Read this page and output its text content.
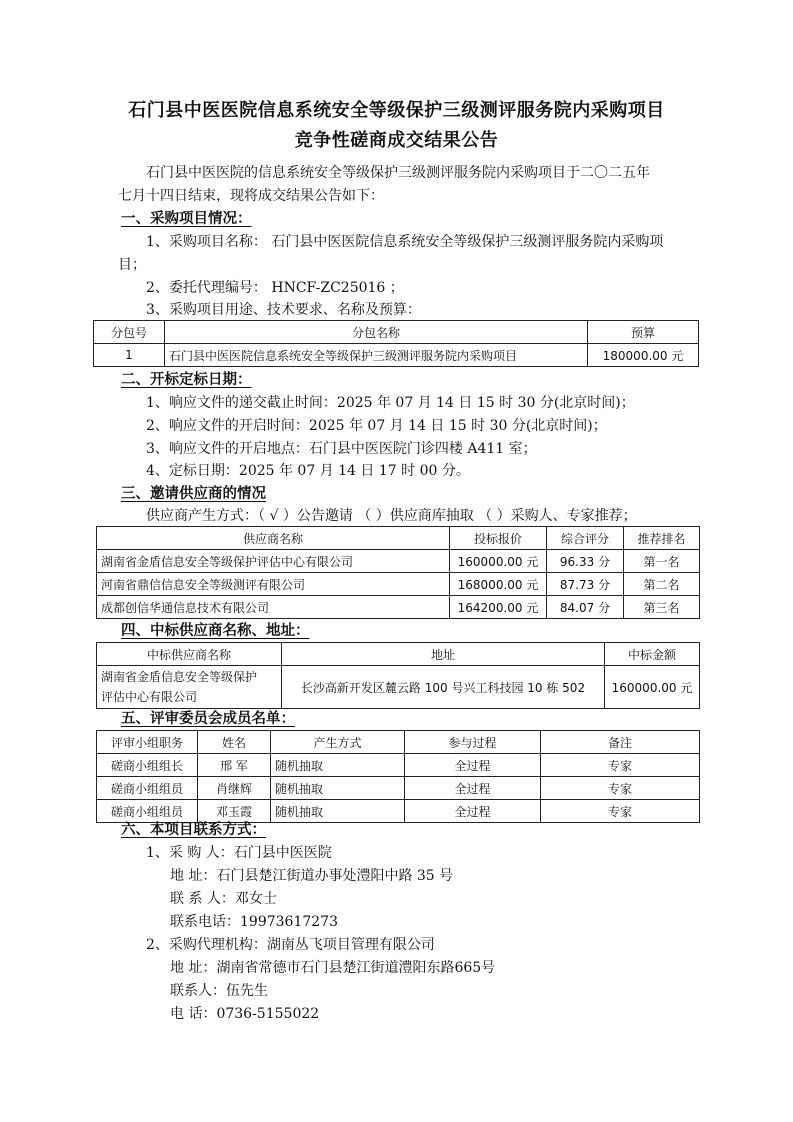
石门县中医医院信息系统安全等级保护三级测评服务院内采购项目
竞争性磋商成交结果公告
石门县中医医院的信息系统安全等级保护三级测评服务院内采购项目于二〇二五年
七月十四日结束，现将成交结果公告如下：
一、采购项目情况：
1、采购项目名称： 石门县中医医院信息系统安全等级保护三级测评服务院内采购项
目；
2、委托代理编号： HNCF-ZC25016 ；
3、采购项目用途、技术要求、名称及预算：
分包号	分包名称	预算
1	石门县中医医院信息系统安全等级保护三级测评服务院内采购项目	180000.00 元
二、开标定标日期：
1、响应文件的递交截止时间：2025 年 07 月 14 日 15 时 30 分(北京时间)；
2、响应文件的开启时间：2025 年 07 月 14 日 15 时 30 分(北京时间)；
3、响应文件的开启地点：石门县中医医院门诊四楼 A411 室；
4、定标日期：2025 年 07 月 14 日 17 时 00 分。
三、邀请供应商的情况
供应商产生方式：（ √ ）公告邀请 （ ）供应商库抽取 （ ）采购人、专家推荐；
供应商名称	投标报价	综合评分	推荐排名
湖南省金盾信息安全等级保护评估中心有限公司	160000.00 元	96.33 分	第一名
河南省鼎信信息安全等级测评有限公司	168000.00 元	87.73 分	第二名
成都创信华通信息技术有限公司	164200.00 元	84.07 分	第三名
四、中标供应商名称、地址：
中标供应商名称	地址	中标金额

湖南省金盾信息安全等级保护
评估中心有限公司	长沙高新开发区麓云路 100 号兴工科技园 10 栋 502	160000.00 元
五、评审委员会成员名单：
评审小组职务	姓名	产生方式	参与过程	备注
磋商小组组长	邢 军	随机抽取	全过程	专家
磋商小组组员	肖继辉	随机抽取	全过程	专家
磋商小组组员	邓玉霞	随机抽取	全过程	专家
六、本项目联系方式：
1、采 购 人：石门县中医医院
地 址：石门县楚江街道办事处澧阳中路 35 号
联 系 人：邓女士
联系电话：19973617273
2、采购代理机构：湖南丛飞项目管理有限公司
地 址：湖南省常德市石门县楚江街道澧阳东路665号
联系人：伍先生
电 话：0736-5155022
